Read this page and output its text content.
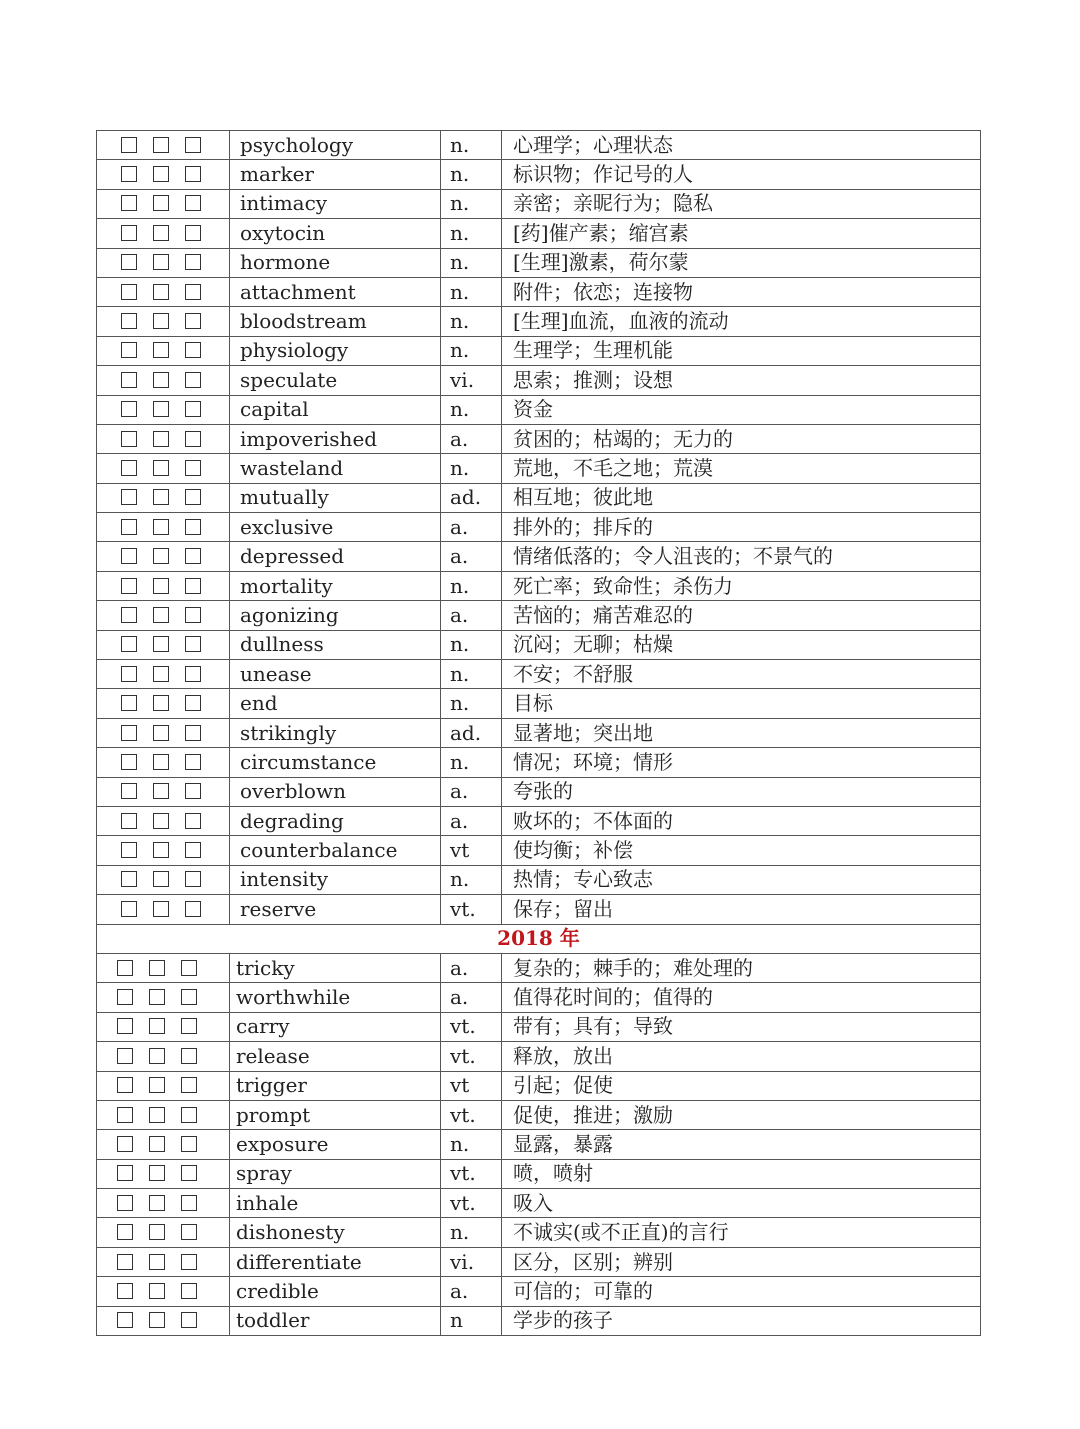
	psychology	n.	心理学；心理状态
	marker	n.	标识物；作记号的人
	intimacy	n.	亲密；亲昵行为；隐私
	oxytocin	n.	[药]催产素；缩宫素
	hormone	n.	[生理]激素，荷尔蒙
	attachment	n.	附件；依恋；连接物
	bloodstream	n.	[生理]血流，血液的流动
	physiology	n.	生理学；生理机能
	speculate	vi.	思索；推测；设想
	capital	n.	资金
	impoverished	a.	贫困的；枯竭的；无力的
	wasteland	n.	荒地，不毛之地；荒漠
	mutually	ad.	相互地；彼此地
	exclusive	a.	排外的；排斥的
	depressed	a.	情绪低落的；令人沮丧的；不景气的
	mortality	n.	死亡率；致命性；杀伤力
	agonizing	a.	苦恼的；痛苦难忍的
	dullness	n.	沉闷；无聊；枯燥
	unease	n.	不安；不舒服
	end	n.	目标
	strikingly	ad.	显著地；突出地
	circumstance	n.	情况；环境；情形
	overblown	a.	夸张的
	degrading	a.	败坏的；不体面的
	counterbalance	vt	使均衡；补偿
	intensity	n.	热情；专心致志
	reserve	vt.	保存；留出
2018 年			
	tricky	a.	复杂的；棘手的；难处理的
	worthwhile	a.	值得花时间的；值得的
	carry	vt.	带有；具有；导致
	release	vt.	释放，放出
	trigger	vt	引起；促使
	prompt	vt.	促使，推进；激励
	exposure	n.	显露，暴露
	spray	vt.	喷，喷射
	inhale	vt.	吸入
	dishonesty	n.	不诚实(或不正直)的言行
	differentiate	vi.	区分，区别；辨别
	credible	a.	可信的；可靠的
	toddler	n	学步的孩子
